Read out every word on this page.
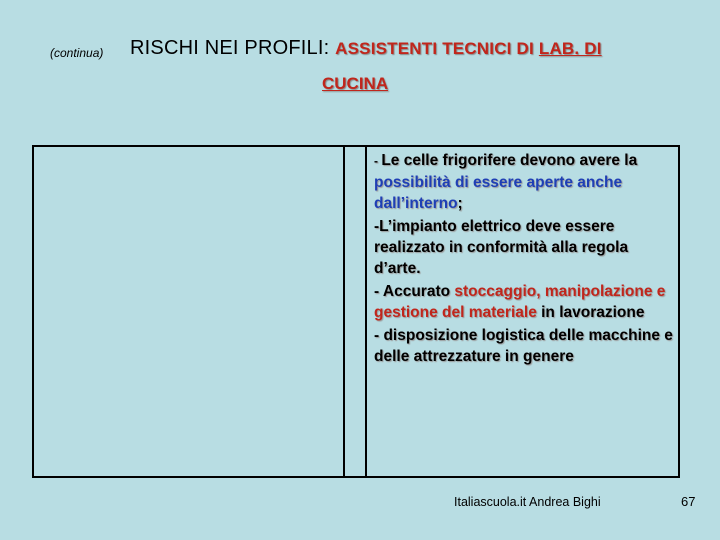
(continua) RISCHI NEI PROFILI: ASSISTENTI TECNICI DI LAB. DI
CUCINA

- Le celle frigorifere devono avere la possibilità di essere aperte anche dall’interno;

-L’impianto elettrico deve essere realizzato in conformità alla regola d’arte.

- Accurato stoccaggio, manipolazione e gestione del materiale in lavorazione

- disposizione logistica delle macchine e delle attrezzature in genere

Italiascuola.it Andrea Bighi	67
